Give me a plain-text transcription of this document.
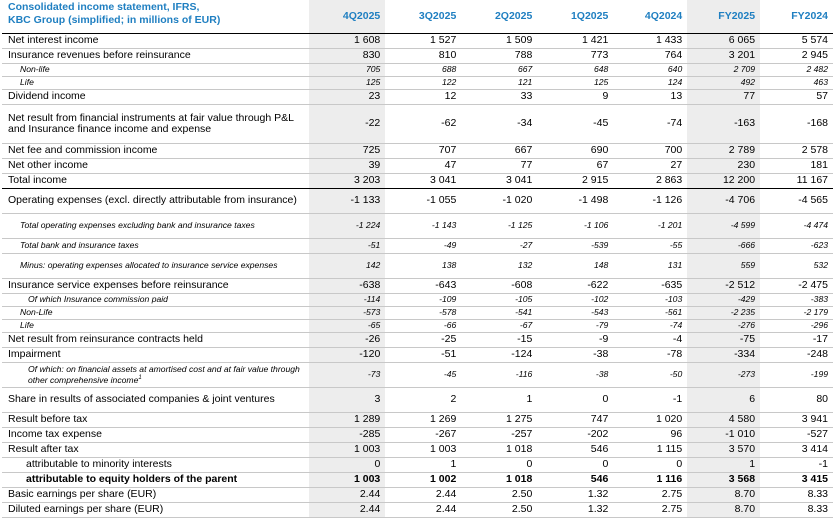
Consolidated income statement, IFRS,
KBC Group (simplified; in millions of EUR)	4Q2025	3Q2025	2Q2025	1Q2025	4Q2024	FY2025	FY2024
Net interest income	1 608	1 527	1 509	1 421	1 433	6 065	5 574
Insurance revenues before reinsurance	830	810	788	773	764	3 201	2 945
Non-life	705	688	667	648	640	2 709	2 482
Life	125	122	121	125	124	492	463
Dividend income	23	12	33	9	13	77	57
Net result from financial instruments at fair value through P&L and Insurance finance income and expense	-22	-62	-34	-45	-74	-163	-168
Net fee and commission income	725	707	667	690	700	2 789	2 578
Net other income	39	47	77	67	27	230	181
Total income	3 203	3 041	3 041	2 915	2 863	12 200	11 167
Operating expenses (excl. directly attributable from insurance)	-1 133	-1 055	-1 020	-1 498	-1 126	-4 706	-4 565
Total operating expenses excluding bank and insurance taxes	-1 224	-1 143	-1 125	-1 106	-1 201	-4 599	-4 474
Total bank and insurance taxes	-51	-49	-27	-539	-55	-666	-623
Minus: operating expenses allocated to insurance service expenses	142	138	132	148	131	559	532
Insurance service expenses before reinsurance	-638	-643	-608	-622	-635	-2 512	-2 475
Of which Insurance commission paid	-114	-109	-105	-102	-103	-429	-383
Non-Life	-573	-578	-541	-543	-561	-2 235	-2 179
Life	-65	-66	-67	-79	-74	-276	-296
Net result from reinsurance contracts held	-26	-25	-15	-9	-4	-75	-17
Impairment	-120	-51	-124	-38	-78	-334	-248
Of which: on financial assets at amortised cost and at fair value through other comprehensive income$^1$	-73	-45	-116	-38	-50	-273	-199
Share in results of associated companies & joint ventures	3	2	1	0	-1	6	80
Result before tax	1 289	1 269	1 275	747	1 020	4 580	3 941
Income tax expense	-285	-267	-257	-202	96	-1 010	-527
Result after tax	1 003	1 003	1 018	546	1 115	3 570	3 414
attributable to minority interests	0	1	0	0	0	1	-1
attributable to equity holders of the parent	1 003	1 002	1 018	546	1 116	3 568	3 415
Basic earnings per share (EUR)	2.44	2.44	2.50	1.32	2.75	8.70	8.33
Diluted earnings per share (EUR)	2.44	2.44	2.50	1.32	2.75	8.70	8.33
